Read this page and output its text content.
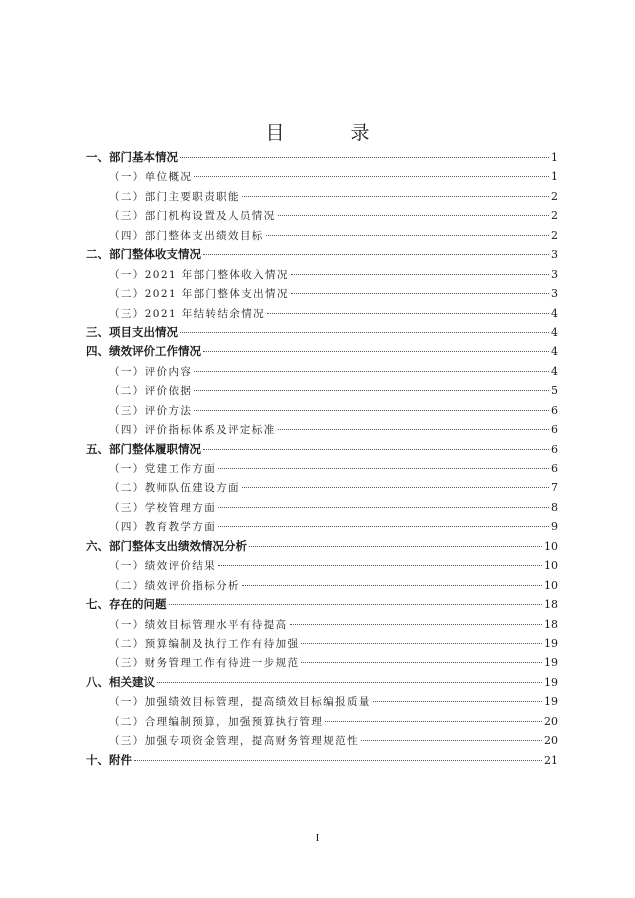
目 录
一、部门基本情况	1
（一）单位概况	1
（二）部门主要职责职能	2
（三）部门机构设置及人员情况	2
（四）部门整体支出绩效目标	2
二、部门整体收支情况	3
（一）2021 年部门整体收入情况	3
（二）2021 年部门整体支出情况	3
（三）2021 年结转结余情况	4
三、项目支出情况	4
四、绩效评价工作情况	4
（一）评价内容	4
（二）评价依据	5
（三）评价方法	6
（四）评价指标体系及评定标准	6
五、部门整体履职情况	6
（一）党建工作方面	6
（二）教师队伍建设方面	7
（三）学校管理方面	8
（四）教育教学方面	9
六、部门整体支出绩效情况分析	10
（一）绩效评价结果	10
（二）绩效评价指标分析	10
七、存在的问题	18
（一）绩效目标管理水平有待提高	18
（二）预算编制及执行工作有待加强	19
（三）财务管理工作有待进一步规范	19
八、相关建议	19
（一）加强绩效目标管理，提高绩效目标编报质量	19
（二）合理编制预算，加强预算执行管理	20
（三）加强专项资金管理，提高财务管理规范性	20
十、附件	21
I
